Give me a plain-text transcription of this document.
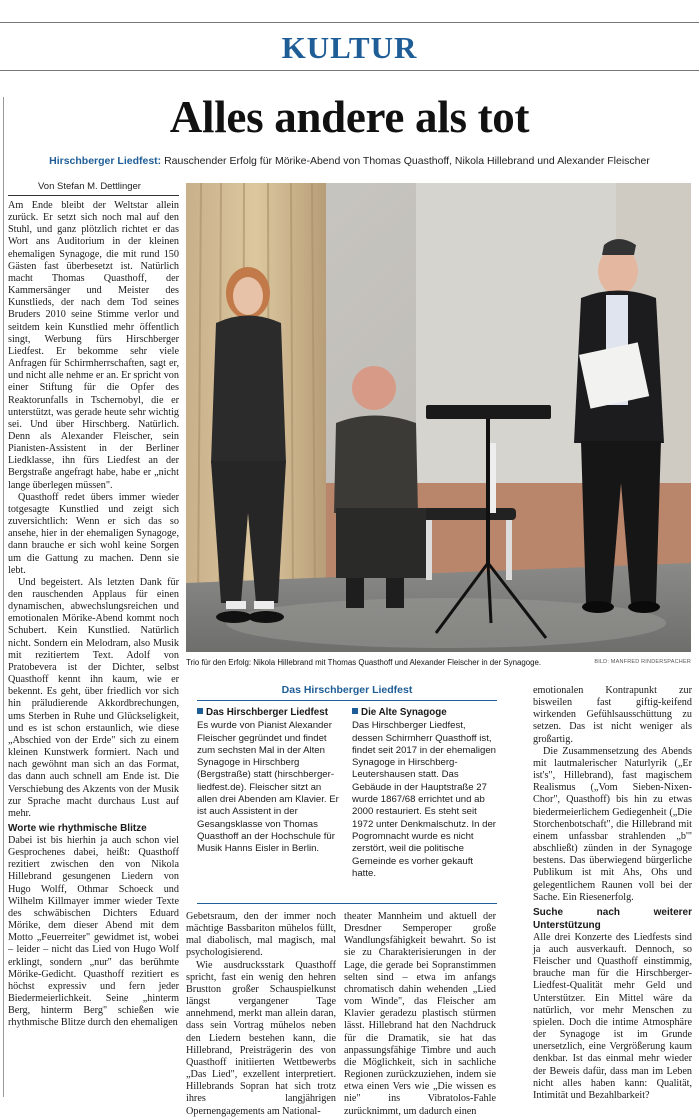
KULTUR
Alles andere als tot
Hirschberger Liedfest: Rauschender Erfolg für Mörike-Abend von Thomas Quasthoff, Nikola Hillebrand und Alexander Fleischer
Von Stefan M. Dettlinger

Am Ende bleibt der Weltstar allein zurück. Er setzt sich noch mal auf den Stuhl, und ganz plötzlich richtet er das Wort ans Auditorium in der kleinen ehemaligen Synagoge, die mit rund 150 Gästen fast überbesetzt ist. Natürlich macht Thomas Quasthoff, der Kammersänger und Meister des Kunstlieds, der nach dem Tod seines Bruders 2010 seine Stimme verlor und seitdem kein Kunstlied mehr öffentlich singt, Werbung fürs Hirschberger Liedfest. Er bekomme sehr viele Anfragen für Schirmherrschaften, sagt er, und nicht alle nehme er an. Er spricht von einer Stiftung für die Opfer des Reaktorunfalls in Tschernobyl, die er unterstützt, was gerade heute sehr wichtig sei. Und über Hirschberg. Natürlich. Denn als Alexander Fleischer, sein Pianisten-Assistent in der Berliner Liedklasse, ihn fürs Liedfest an der Bergstraße angefragt habe, habe er „nicht lange überlegen müssen".

Quasthoff redet übers immer wieder totgesagte Kunstlied und zeigt sich zuversichtlich: Wenn er sich das so ansehe, hier in der ehemaligen Synagoge, dann brauche er sich wohl keine Sorgen um die Gattung zu machen. Denn sie lebt.

Und begeistert. Als letzten Dank für den rauschenden Applaus für einen dynamischen, abwechslungsreichen und emotionalen Mörike-Abend kommt noch Schubert. Kein Kunstlied. Natürlich nicht. Sondern ein Melodram, also Musik mit rezitiertem Text. Adolf von Pratobevera ist der Dichter, selbst Quasthoff kennt ihn kaum, wie er bekennt. Es geht, über friedlich vor sich hin präludierende Akkordbrechungen, ums Sterben in Ruhe und Glückseligkeit, und es ist schon erstaunlich, wie diese „Abschied von der Erde" sich zu einem kleinen Kunstwerk formiert. Nach und nach gewöhnt man sich an das Format, das dann auch schnell am Ende ist. Die Verschiebung des Akzents von der Musik zur Sprache macht durchaus Lust auf mehr.

Worte wie rhythmische Blitze

Dabei ist bis hierhin ja auch schon viel Gesprochenes dabei, heißt: Quasthoff rezitiert zwischen den von Nikola Hillebrand gesungenen Liedern von Hugo Wolff, Othmar Schoeck und Wilhelm Killmayer immer wieder Texte des schwäbischen Dichters Eduard Mörike, dem dieser Abend mit dem Motto „Feuerreiter" gewidmet ist, wobei – leider – nicht das Lied von Hugo Wolf erklingt, sondern „nur" das berühmte Mörike-Gedicht. Quasthoff rezitiert es höchst expressiv und fern jeder Biedermeierlichkeit. Seine „hinterm Berg, hinterm Berg" schießen wie rhythmische Blitze durch den ehemaligen

Trio für den Erfolg: Nikola Hillebrand mit Thomas Quasthoff und Alexander Fleischer in der Synagoge.	BILD: MANFRED RINDERSPACHER
Das Hirschberger Liedfest
Das Hirschberger Liedfest
Es wurde von Pianist Alexander Fleischer gegründet und findet zum sechsten Mal in der Alten Synagoge in Hirschberg (Bergstraße) statt (hirschberger-liedfest.de). Fleischer sitzt an allen drei Abenden am Klavier. Er ist auch Assistent in der Gesangsklasse von Thomas Quasthoff an der Hochschule für Musik Hanns Eisler in Berlin.
Die Alte Synagoge
Das Hirschberger Liedfest, dessen Schirmherr Quasthoff ist, findet seit 2017 in der ehemaligen Synagoge in Hirschberg-Leutershausen statt. Das Gebäude in der Hauptstraße 27 wurde 1867/68 errichtet und ab 2000 restauriert. Es steht seit 1972 unter Denkmalschutz. In der Pogromnacht wurde es nicht zerstört, weil die politische Gemeinde es vorher gekauft hatte.

Gebetsraum, den der immer noch mächtige Bassbariton mühelos füllt, mal diabolisch, mal magisch, mal psychologisierend.

Wie ausdrucksstark Quasthoff spricht, fast ein wenig den hehren Brustton großer Schauspielkunst längst vergangener Tage annehmend, merkt man allein daran, dass sein Vortrag mühelos neben den Liedern bestehen kann, die Hillebrand, Preisträgerin des von Quasthoff initiierten Wettbewerbs „Das Lied", exzellent interpretiert. Hillebrands Sopran hat sich trotz ihres langjährigen Opernengagements am National-

theater Mannheim und aktuell der Dresdner Semperoper große Wandlungsfähigkeit bewahrt. So ist sie zu Charakterisierungen in der Lage, die gerade bei Sopranstimmen selten sind – etwa im anfangs chromatisch dahin wehenden „Lied vom Winde", das Fleischer am Klavier geradezu plastisch stürmen lässt. Hillebrand hat den Nachdruck für die Dramatik, sie hat das anpassungsfähige Timbre und auch die Möglichkeit, sich in sachliche Regionen zurückzuziehen, indem sie etwa einen Vers wie „Die wissen es nie" ins Vibratolos-Fahle zurücknimmt, um dadurch einen

emotionalen Kontrapunkt zur bisweilen fast giftig-keifend wirkenden Gefühlsausschüttung zu setzen. Das ist nicht weniger als großartig.

Die Zusammensetzung des Abends mit lautmalerischer Naturlyrik („Er ist's", Hillebrand), fast magischem Realismus („Vom Sieben-Nixen-Chor", Quasthoff) bis hin zu etwas biedermeierlichem Gediegenheit („Die Storchenbotschaft", die Hillebrand mit einem unfassbar strahlenden „b'" abschließt) zünden in der Synagoge bestens. Das überwiegend bürgerliche Publikum ist mit Ahs, Ohs und gelegentlichem Raunen voll bei der Sache. Ein Riesenerfolg.

Suche nach weiterer Unterstützung

Alle drei Konzerte des Liedfests sind ja auch ausverkauft. Dennoch, so Fleischer und Quasthoff einstimmig, brauche man für die Hirschberger-Liedfest-Qualität mehr Geld und Unterstützer. Ein Mittel wäre da natürlich, vor mehr Menschen zu spielen. Doch die intime Atmosphäre der Synagoge ist im Grunde unersetzlich, eine Vergrößerung kaum denkbar. Ist das einmal mehr wieder der Beweis dafür, dass man im Leben nicht alles haben kann: Qualität, Intimität und Bezahlbarkeit?
